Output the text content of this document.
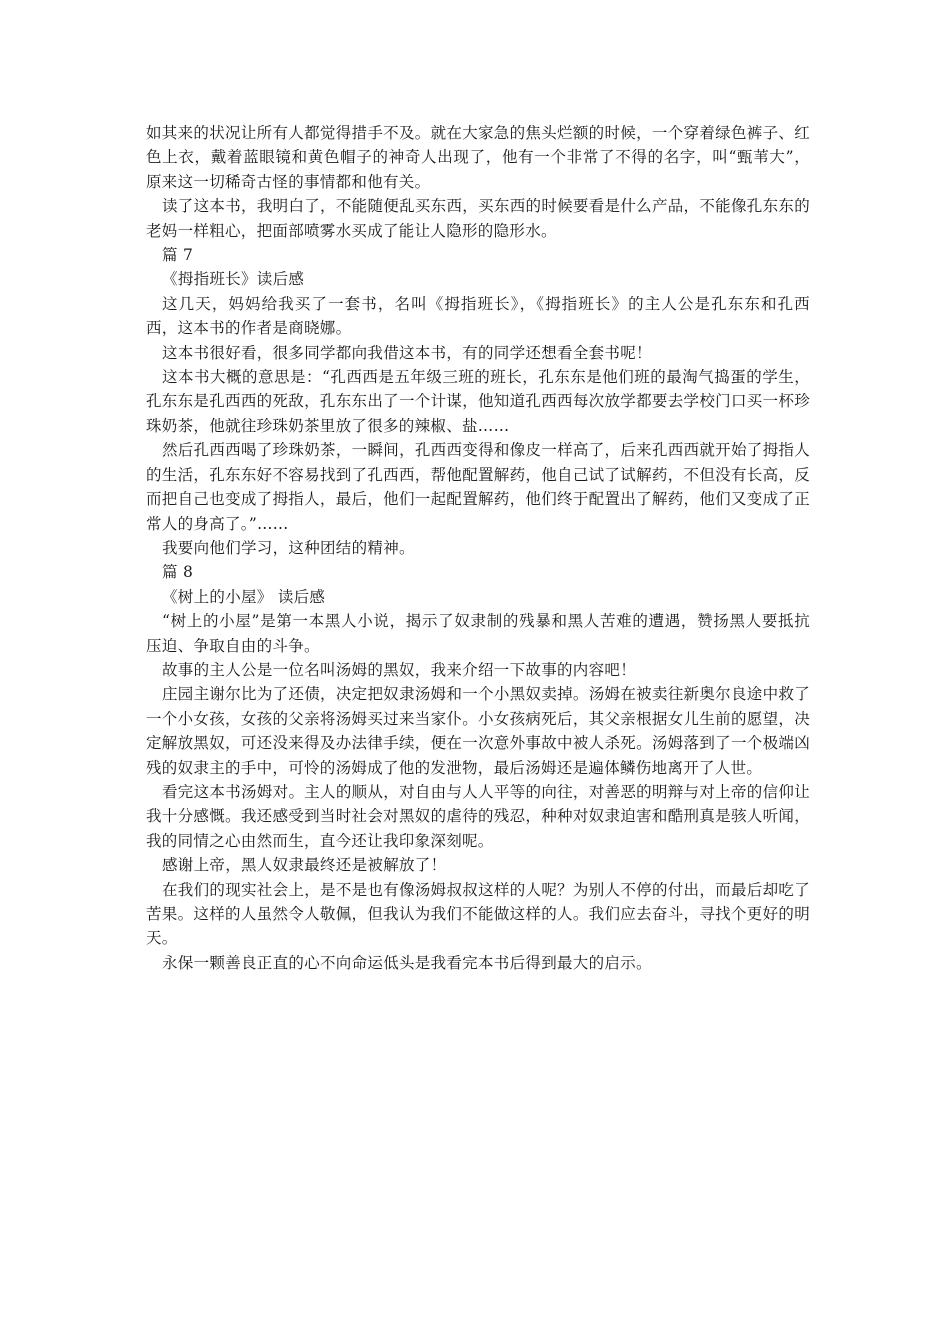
如其来的状况让所有人都觉得措手不及。就在大家急的焦头烂额的时候，一个穿着绿色裤子、红色上衣，戴着蓝眼镜和黄色帽子的神奇人出现了，他有一个非常了不得的名字，叫“甄苇大”，原来这一切稀奇古怪的事情都和他有关。

读了这本书，我明白了，不能随便乱买东西，买东西的时候要看是什么产品，不能像孔东东的老妈一样粗心，把面部喷雾水买成了能让人隐形的隐形水。

篇 7

《拇指班长》读后感

这几天，妈妈给我买了一套书，名叫《拇指班长》，《拇指班长》的主人公是孔东东和孔西西，这本书的作者是商晓娜。

这本书很好看，很多同学都向我借这本书，有的同学还想看全套书呢！

这本书大概的意思是：“孔西西是五年级三班的班长，孔东东是他们班的最淘气捣蛋的学生，孔东东是孔西西的死敌，孔东东出了一个计谋，他知道孔西西每次放学都要去学校门口买一杯珍珠奶茶，他就往珍珠奶茶里放了很多的辣椒、盐……

然后孔西西喝了珍珠奶茶，一瞬间，孔西西变得和像皮一样高了，后来孔西西就开始了拇指人的生活，孔东东好不容易找到了孔西西，帮他配置解药，他自己试了试解药，不但没有长高，反而把自己也变成了拇指人，最后，他们一起配置解药，他们终于配置出了解药，他们又变成了正常人的身高了。”......

我要向他们学习，这种团结的精神。

篇 8

《树上的小屋》 读后感

“树上的小屋”是第一本黑人小说，揭示了奴隶制的残暴和黑人苦难的遭遇，赞扬黑人要抵抗压迫、争取自由的斗争。

故事的主人公是一位名叫汤姆的黑奴，我来介绍一下故事的内容吧！

庄园主谢尔比为了还债，决定把奴隶汤姆和一个小黑奴卖掉。汤姆在被卖往新奥尔良途中救了一个小女孩，女孩的父亲将汤姆买过来当家仆。小女孩病死后，其父亲根据女儿生前的愿望，决定解放黑奴，可还没来得及办法律手续，便在一次意外事故中被人杀死。汤姆落到了一个极端凶残的奴隶主的手中，可怜的汤姆成了他的发泄物，最后汤姆还是遍体鳞伤地离开了人世。

看完这本书汤姆对。主人的顺从，对自由与人人平等的向往，对善恶的明辩与对上帝的信仰让我十分感慨。我还感受到当时社会对黑奴的虐待的残忍，种种对奴隶迫害和酷刑真是骇人听闻，我的同情之心由然而生，直今还让我印象深刻呢。

感谢上帝，黑人奴隶最终还是被解放了！

在我们的现实社会上，是不是也有像汤姆叔叔这样的人呢？为别人不停的付出，而最后却吃了苦果。这样的人虽然令人敬佩，但我认为我们不能做这样的人。我们应去奋斗，寻找个更好的明天。

永保一颗善良正直的心不向命运低头是我看完本书后得到最大的启示。
